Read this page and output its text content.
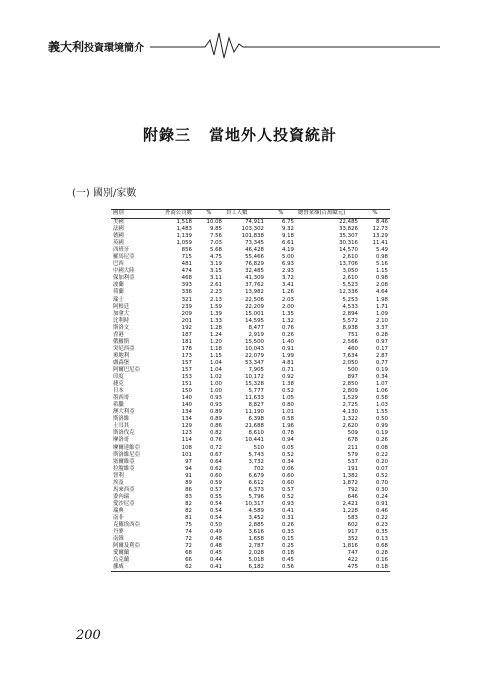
義大利投資環境簡介
附錄三 當地外人投資統計
(一) 國別/家數
國別	外商公司數	%	員工人數	%	總營業額(百萬歐元)	%
美國	1,518	10.08	74,911	6.75	22,485	8.46
法國	1,483	9.85	103,302	9.32	33,826	12.73
德國	1,139	7.56	101,838	9.18	35,307	13.29
英國	1,059	7.03	73,345	6.61	30,316	11.41
西班牙	856	5.68	46,428	4.19	14,570	5.49
羅馬尼亞	715	4.75	55,466	5.00	2,610	0.98
巴西	481	3.19	76,829	6.93	13,706	5.16
中國大陸	474	3.15	32,485	2.93	3,050	1.15
保加利亞	468	3.11	41,309	3.72	2,610	0.98
波蘭	393	2.61	37,762	3.41	5,523	2.08
荷蘭	336	2.23	13,982	1.26	12,336	4.64
瑞士	321	2.13	22,506	2.03	5,253	1.98
阿根廷	239	1.59	22,209	2.00	4,533	1.71
加拿大	209	1.39	15,001	1.35	2,894	1.09
比利時	201	1.33	14,595	1.32	5,572	2.10
斯洛文	192	1.28	8,477	0.76	8,938	3.37
香港	187	1.24	2,919	0.26	751	0.28
俄羅斯	181	1.20	15,500	1.40	2,566	0.97
突尼西亞	178	1.18	10,043	0.91	460	0.17
奧地利	173	1.15	22,079	1.99	7,634	2.87
盧森堡	157	1.04	53,347	4.81	2,050	0.77
阿爾巴尼亞	157	1.04	7,905	0.71	500	0.19
印度	153	1.02	10,172	0.92	897	0.34
捷克	151	1.00	15,328	1.38	2,850	1.07
日本	150	1.00	5,777	0.52	2,809	1.06
墨西哥	140	0.93	11,633	1.05	1,529	0.58
希臘	140	0.93	8,827	0.80	2,725	1.03
澳大利亞	134	0.89	11,190	1.01	4,130	1.55
斯洛維	134	0.89	6,398	0.58	1,322	0.50
土耳其	129	0.86	21,688	1.96	2,620	0.99
斯洛伐克	123	0.82	8,610	0.78	509	0.19
摩洛哥	114	0.76	10,441	0.94	678	0.26
摩爾達維亞	108	0.72	510	0.05	211	0.08
斯洛維尼亞	101	0.67	5,743	0.52	579	0.22
塞爾維亞	97	0.64	3,732	0.34	537	0.20
拉脫維亞	94	0.62	702	0.06	191	0.07
智利	91	0.60	6,679	0.60	1,382	0.52
埃及	89	0.59	6,612	0.60	1,872	0.70
馬來西亞	86	0.57	6,373	0.57	792	0.30
委內瑞	83	0.55	5,796	0.52	646	0.24
愛沙尼亞	82	0.54	10,317	0.93	2,421	0.91
瑞典	82	0.54	4,589	0.41	1,228	0.46
南非	81	0.54	3,452	0.31	583	0.22
克羅埃西亞	75	0.50	2,885	0.26	602	0.23
丹麥	74	0.49	3,616	0.33	917	0.35
南韓	72	0.48	1,658	0.15	352	0.13
阿爾及利亞	72	0.48	2,787	0.25	1,816	0.68
愛爾蘭	68	0.45	2,028	0.18	747	0.28
烏克蘭	66	0.44	5,018	0.45	422	0.16
挪威	62	0.41	6,182	0.56	475	0.18
200
